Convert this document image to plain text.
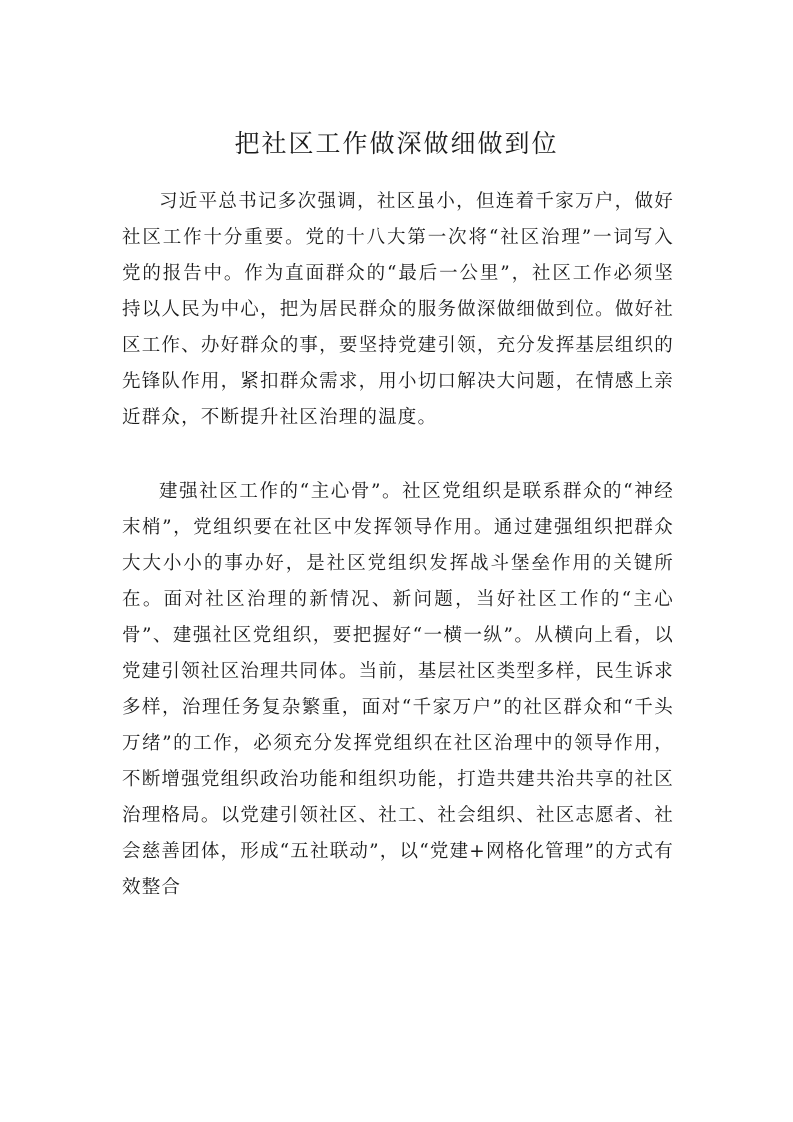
把社区工作做深做细做到位

习近平总书记多次强调，社区虽小，但连着千家万户，做好社区工作十分重要。党的十八大第一次将“社区治理”一词写入党的报告中。作为直面群众的“最后一公里”，社区工作必须坚持以人民为中心，把为居民群众的服务做深做细做到位。做好社区工作、办好群众的事，要坚持党建引领，充分发挥基层组织的先锋队作用，紧扣群众需求，用小切口解决大问题，在情感上亲近群众，不断提升社区治理的温度。

建强社区工作的“主心骨”。社区党组织是联系群众的“神经末梢”，党组织要在社区中发挥领导作用。通过建强组织把群众大大小小的事办好，是社区党组织发挥战斗堡垒作用的关键所在。面对社区治理的新情况、新问题，当好社区工作的“主心骨”、建强社区党组织，要把握好“一横一纵”。从横向上看，以党建引领社区治理共同体。当前，基层社区类型多样，民生诉求多样，治理任务复杂繁重，面对“千家万户”的社区群众和“千头万绪”的工作，必须充分发挥党组织在社区治理中的领导作用，不断增强党组织政治功能和组织功能，打造共建共治共享的社区治理格局。以党建引领社区、社工、社会组织、社区志愿者、社会慈善团体，形成“五社联动”，以“党建+网格化管理”的方式有效整合
